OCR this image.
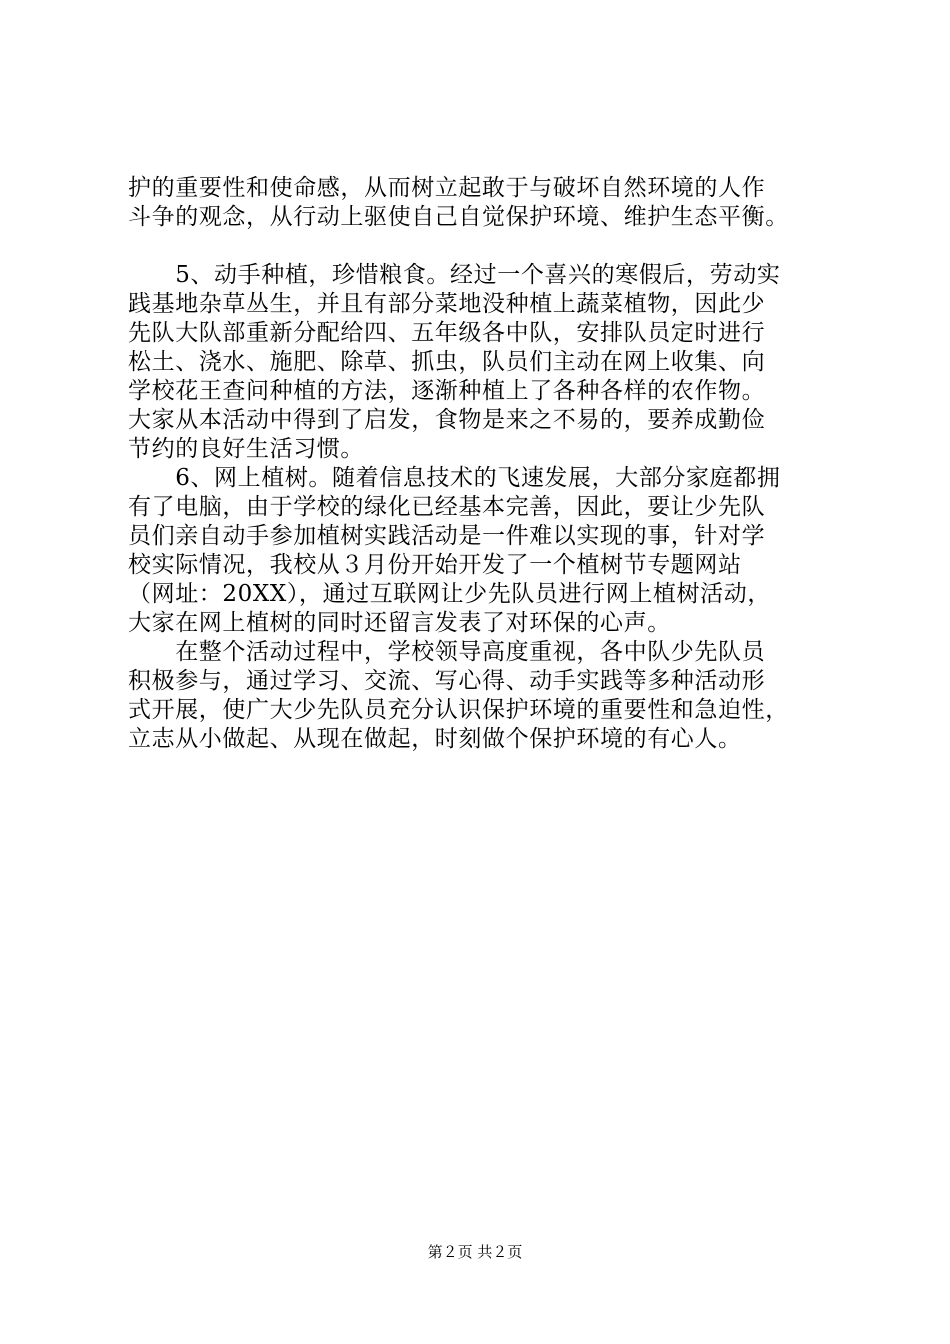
护的重要性和使命感，从而树立起敢于与破坏自然环境的人作
斗争的观念，从行动上驱使自己自觉保护环境、维护生态平衡。
　　5、动手种植，珍惜粮食。经过一个喜兴的寒假后，劳动实
践基地杂草丛生，并且有部分菜地没种植上蔬菜植物，因此少
先队大队部重新分配给四、五年级各中队，安排队员定时进行
松土、浇水、施肥、除草、抓虫，队员们主动在网上收集、向
学校花王查问种植的方法，逐渐种植上了各种各样的农作物。
大家从本活动中得到了启发，食物是来之不易的，要养成勤俭
节约的良好生活习惯。
　　6、网上植树。随着信息技术的飞速发展，大部分家庭都拥
有了电脑，由于学校的绿化已经基本完善，因此，要让少先队
员们亲自动手参加植树实践活动是一件难以实现的事，针对学
校实际情况，我校从３月份开始开发了一个植树节专题网站
（网址：20XX），通过互联网让少先队员进行网上植树活动，
大家在网上植树的同时还留言发表了对环保的心声。
　　在整个活动过程中，学校领导高度重视，各中队少先队员
积极参与，通过学习、交流、写心得、动手实践等多种活动形
式开展，使广大少先队员充分认识保护环境的重要性和急迫性，
立志从小做起、从现在做起，时刻做个保护环境的有心人。
第２页 共２页
